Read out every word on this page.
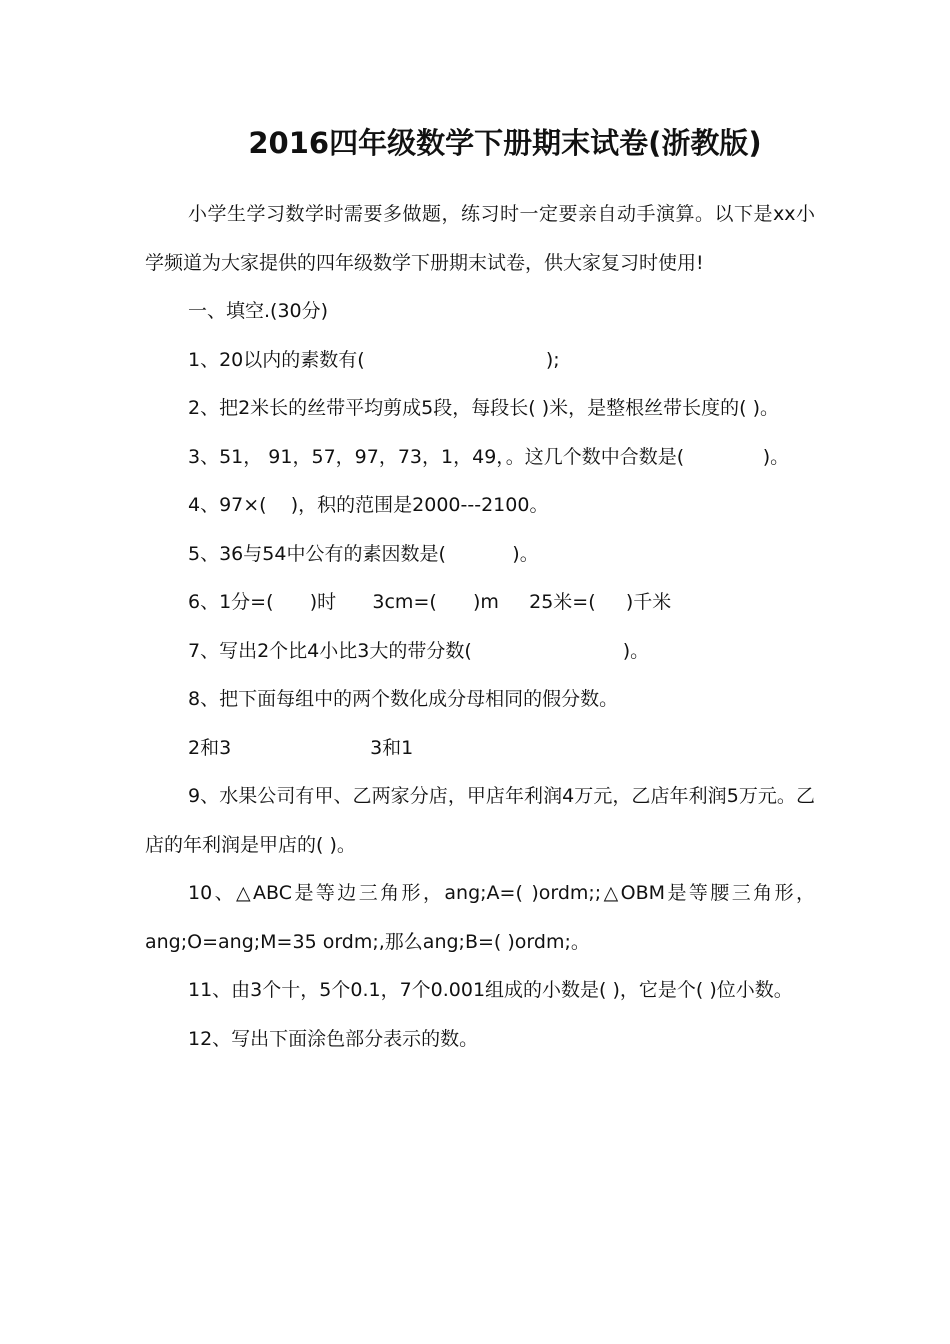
2016四年级数学下册期末试卷(浙教版)

小学生学习数学时需要多做题，练习时一定要亲自动手演算。以下是xx小学频道为大家提供的四年级数学下册期末试卷，供大家复习时使用!

一、填空.(30分)

1、20以内的素数有(                              );

2、把2米长的丝带平均剪成5段，每段长( )米，是整根丝带长度的( )。

3、51， 91，57，97，73，1，49，。这几个数中合数是(             )。

4、97×(    )，积的范围是2000---2100。

5、36与54中公有的素因数是(           )。

6、1分=(      )时      3cm=(      )m     25米=(     )千米

7、写出2个比4小比3大的带分数(                         )。

8、把下面每组中的两个数化成分母相同的假分数。

2和3                       3和1

9、水果公司有甲、乙两家分店，甲店年利润4万元，乙店年利润5万元。乙店的年利润是甲店的( )。

10、△ABC是等边三角形，ang;A=( )ordm;;△OBM是等腰三角形，ang;O=ang;M=35 ordm;,那么ang;B=( )ordm;。

11、由3个十，5个0.1，7个0.001组成的小数是( )，它是个( )位小数。

12、写出下面涂色部分表示的数。
